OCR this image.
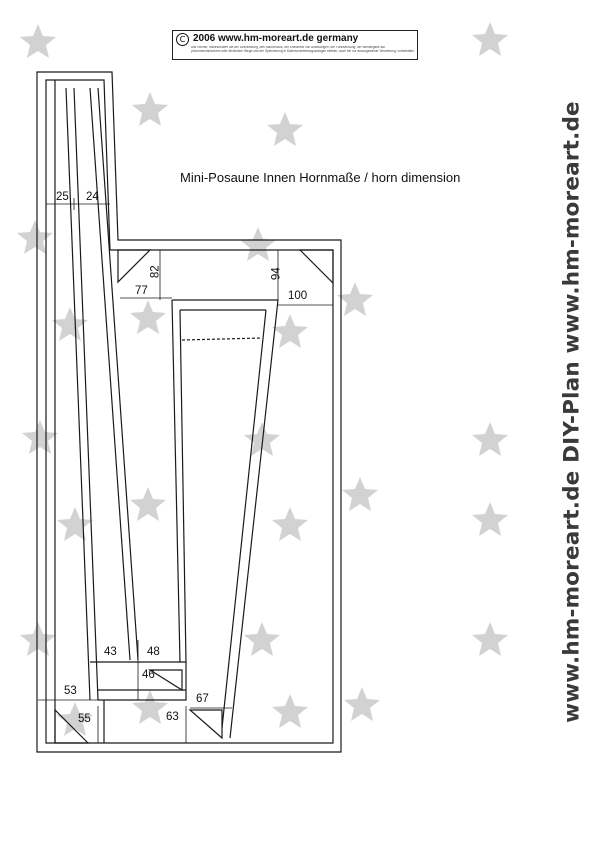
C 2006 www.hm-moreart.de germany
Alle Rechte, insbesondere die der Übersetzung, des Nachdrucks, der Entnahme von Abbildungen, der Funksendung, der Wiedergabe auf photomechanischem oder ähnlichem Wege und der Speicherung in Datenverarbeitungsanlagen bleiben, auch bei nur auszugsweiser Verwertung, vorbehalten.
Mini-Posaune Innen Hornmaße / horn dimension
25 24
82
77
94
100
43	48
46
53
67
55	63	www.hm-moreart.de DIY-Plan www.hm-moreart.de
